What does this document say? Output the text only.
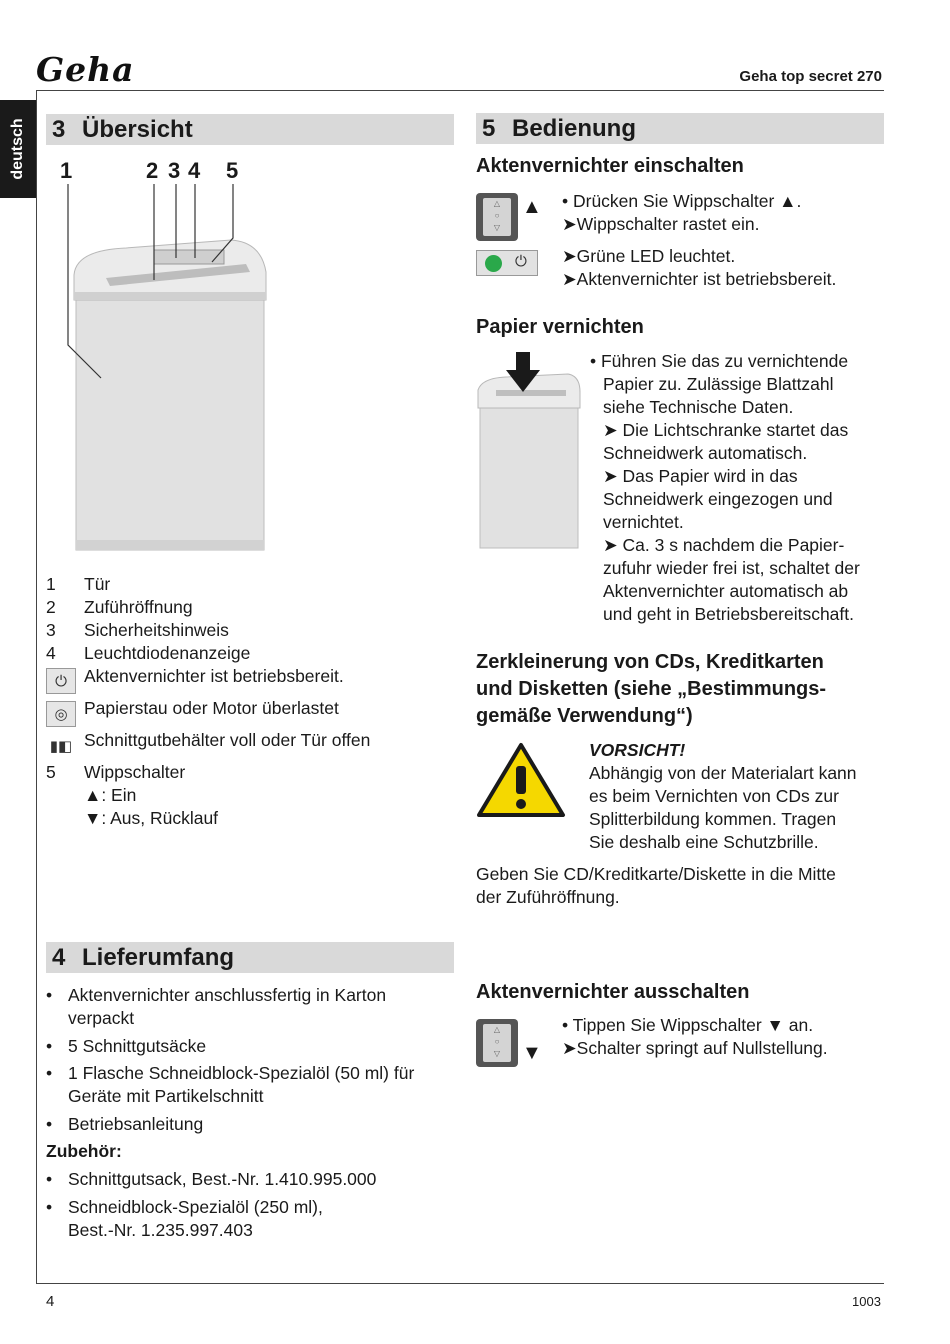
Geha	Geha top secret 270
deutsch 3 Übersicht
1	2 3 4 5
1 Tür
2 Zuführöffnung
3 Sicherheitshinweis
4 Leuchtdiodenanzeige
⏻ Aktenvernichter ist betriebsbereit.
◎ Papierstau oder Motor überlastet
▮◧ Schnittgutbehälter voll oder Tür offen
5 Wippschalter
▲: Ein
▼: Aus, Rücklauf
4 Lieferumfang
• Aktenvernichter anschlussfertig in Karton
verpackt
• 5 Schnittgutsäcke
• 1 Flasche Schneidblock-Spezialöl (50 ml) für
Geräte mit Partikelschnitt
• Betriebsanleitung
Zubehör:
• Schnittgutsack, Best.-Nr. 1.410.995.000
• Schneidblock-Spezialöl (250 ml),
Best.-Nr. 1.235.997.403
5 Bedienung
Aktenvernichter einschalten
△
○
▽
▲
⏻
• Drücken Sie Wippschalter ▲.
➤Wippschalter rastet ein.
➤Grüne LED leuchtet.
➤Aktenvernichter ist betriebsbereit.
Papier vernichten
• Führen Sie das zu vernichtende
Papier zu. Zulässige Blattzahl
siehe Technische Daten.
➤ Die Lichtschranke startet das
Schneidwerk automatisch.
➤ Das Papier wird in das
Schneidwerk eingezogen und
vernichtet.
➤ Ca. 3 s nachdem die Papier-
zufuhr wieder frei ist, schaltet der
Aktenvernichter automatisch ab
und geht in Betriebsbereitschaft.
Zerkleinerung von CDs, Kreditkarten
und Disketten (siehe „Bestimmungs-
gemäße Verwendung“)
VORSICHT!
Abhängig von der Materialart kann
es beim Vernichten von CDs zur
Splitterbildung kommen. Tragen
Sie deshalb eine Schutzbrille.
Geben Sie CD/Kreditkarte/Diskette in die Mitte
der Zuführöffnung.
Aktenvernichter ausschalten
△
○
▽	▼
• Tippen Sie Wippschalter ▼ an.
➤Schalter springt auf Nullstellung.
4	1003
